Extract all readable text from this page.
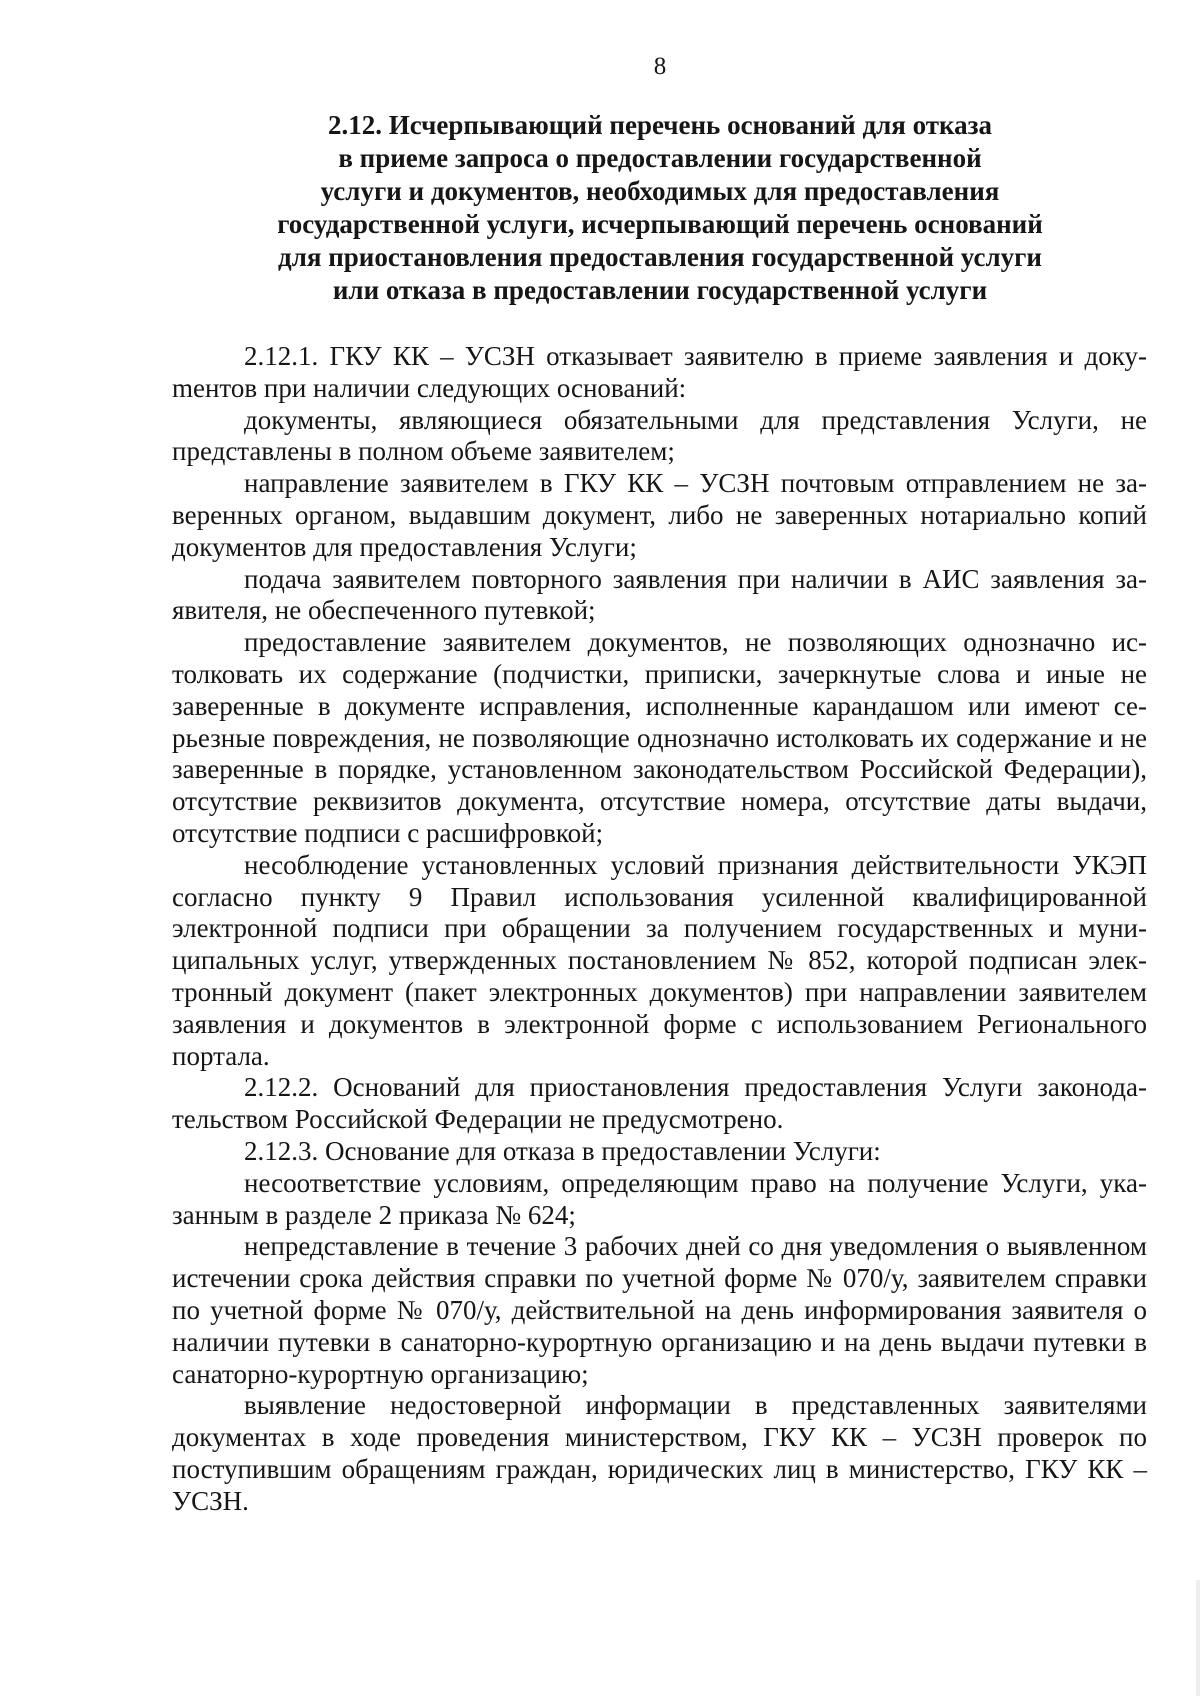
8
2.12. Исчерпывающий перечень оснований для отказа
в приеме запроса о предоставлении государственной
услуги и документов, необходимых для предоставления
государственной услуги, исчерпывающий перечень оснований
для приостановления предоставления государственной услуги
или отказа в предоставлении государственной услуги

2.12.1. ГКУ КК – УСЗН отказывает заявителю в приеме заявления и докуmентов при наличии следующих оснований:

документы, являющиеся обязательными для представления Услуги, не представлены в полном объеме заявителем;

направление заявителем в ГКУ КК – УСЗН почтовым отправлением не заверенных органом, выдавшим документ, либо не заверенных нотариально копий документов для предоставления Услуги;

подача заявителем повторного заявления при наличии в АИС заявления заявителя, не обеспеченного путевкой;

предоставление заявителем документов, не позволяющих однозначно истолковать их содержание (подчистки, приписки, зачеркнутые слова и иные не заверенные в документе исправления, исполненные карандашом или имеют серьезные повреждения, не позволяющие однозначно истолковать их содержание и не заверенные в порядке, установленном законодательством Российской Федерации), отсутствие реквизитов документа, отсутствие номера, отсутствие даты выдачи, отсутствие подписи с расшифровкой;

несоблюдение установленных условий признания действительности УКЭП согласно пункту 9 Правил использования усиленной квалифицированной электронной подписи при обращении за получением государственных и муниципальных услуг, утвержденных постановлением № 852, которой подписан электронный документ (пакет электронных документов) при направлении заявителем заявления и документов в электронной форме с использованием Регионального портала.

2.12.2. Оснований для приостановления предоставления Услуги законодательством Российской Федерации не предусмотрено.

2.12.3. Основание для отказа в предоставлении Услуги:

несоответствие условиям, определяющим право на получение Услуги, указанным в разделе 2 приказа № 624;

непредставление в течение 3 рабочих дней со дня уведомления о выявленном истечении срока действия справки по учетной форме № 070/у, заявителем справки по учетной форме № 070/у, действительной на день информирования заявителя о наличии путевки в санаторно-курортную организацию и на день выдачи путевки в санаторно-курортную организацию;

выявление недостоверной информации в представленных заявителями документах в ходе проведения министерством, ГКУ КК – УСЗН проверок по поступившим обращениям граждан, юридических лиц в министерство, ГКУ КК – УСЗН.
